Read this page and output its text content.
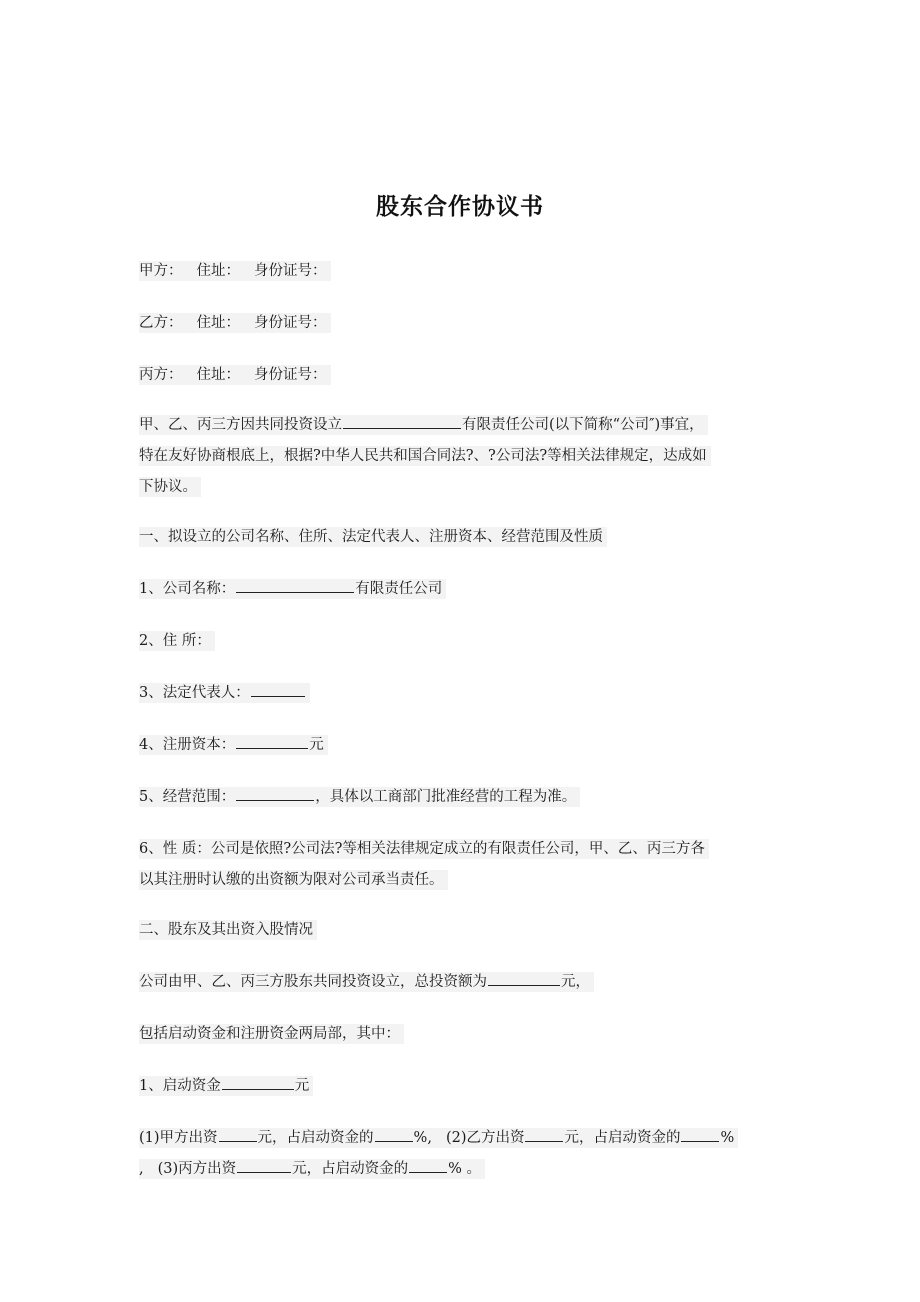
股东合作协议书
甲方： 住址： 身份证号：
乙方： 住址： 身份证号：
丙方： 住址： 身份证号：
甲、乙、丙三方因共同投资设立	有限责任公司(以下简称“公司″)事宜，
特在友好协商根底上，根据?中华人民共和国合同法?、?公司法?等相关法律规定，达成如
下协议。
一、拟设立的公司名称、住所、法定代表人、注册资本、经营范围及性质
1、公司名称：	有限责任公司
2、住 所：
3、法定代表人：
4、注册资本：	元
5、经营范围：	，具体以工商部门批准经营的工程为准。
6、性 质：公司是依照?公司法?等相关法律规定成立的有限责任公司，甲、乙、丙三方各
以其注册时认缴的出资额为限对公司承当责任。
二、股东及其出资入股情况
公司由甲、乙、丙三方股东共同投资设立，总投资额为	元，
包括启动资金和注册资金两局部，其中：
1、启动资金	元
(1)甲方出资	元，占启动资金的	%, (2)乙方出资	元，占启动资金的	%
, (3)丙方出资	元，占启动资金的	% 。
